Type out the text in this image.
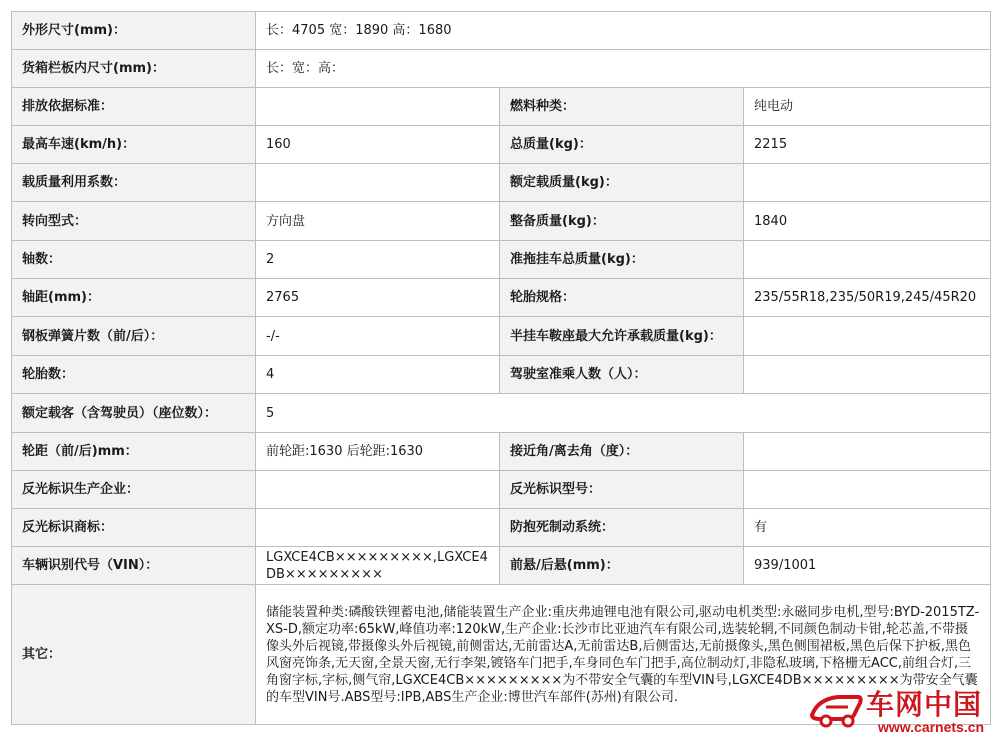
外形尺寸(mm)：	长：4705 宽：1890 高：1680		
货箱栏板内尺寸(mm)：	长：宽：高：		
排放依据标准：		燃料种类：	纯电动
最高车速(km/h)：	160	总质量(kg)：	2215
载质量利用系数：		额定载质量(kg)：	
转向型式：	方向盘	整备质量(kg)：	1840
轴数：	2	准拖挂车总质量(kg)：	
轴距(mm)：	2765	轮胎规格：	235/55R18,235/50R19,245/45R20
钢板弹簧片数（前/后）：	-/-	半挂车鞍座最大允许承载质量(kg)：	
轮胎数：	4	驾驶室准乘人数（人）：	
额定载客（含驾驶员）（座位数）：	5		
轮距（前/后)mm：	前轮距:1630 后轮距:1630	接近角/离去角（度）：	
反光标识生产企业：		反光标识型号：	
反光标识商标：		防抱死制动系统：	有
车辆识别代号（VIN）：	LGXCE4CB×××××××××,LGXCE4DB×××××××××	前悬/后悬(mm)：	939/1001
其它：	储能装置种类:磷酸铁锂蓄电池,储能装置生产企业:重庆弗迪锂电池有限公司,驱动电机类型:永磁同步电机,型号:BYD-2015TZ-XS-D,额定功率:65kW,峰值功率:120kW,生产企业:长沙市比亚迪汽车有限公司,选装轮辋,不同颜色制动卡钳,轮芯盖,不带摄像头外后视镜,带摄像头外后视镜,前侧雷达,无前雷达A,无前雷达B,后侧雷达,无前摄像头,黑色侧围裙板,黑色后保下护板,黑色风窗亮饰条,无天窗,全景天窗,无行李架,镀铬车门把手,车身同色车门把手,高位制动灯,非隐私玻璃,下格栅无ACC,前组合灯,三角窗字标,字标,侧气帘,LGXCE4CB×××××××××为不带安全气囊的车型VIN号,LGXCE4DB×××××××××为带安全气囊的车型VIN号.ABS型号:IPB,ABS生产企业:博世汽车部件(苏州)有限公司.			车网中国
www.carnets.cn
